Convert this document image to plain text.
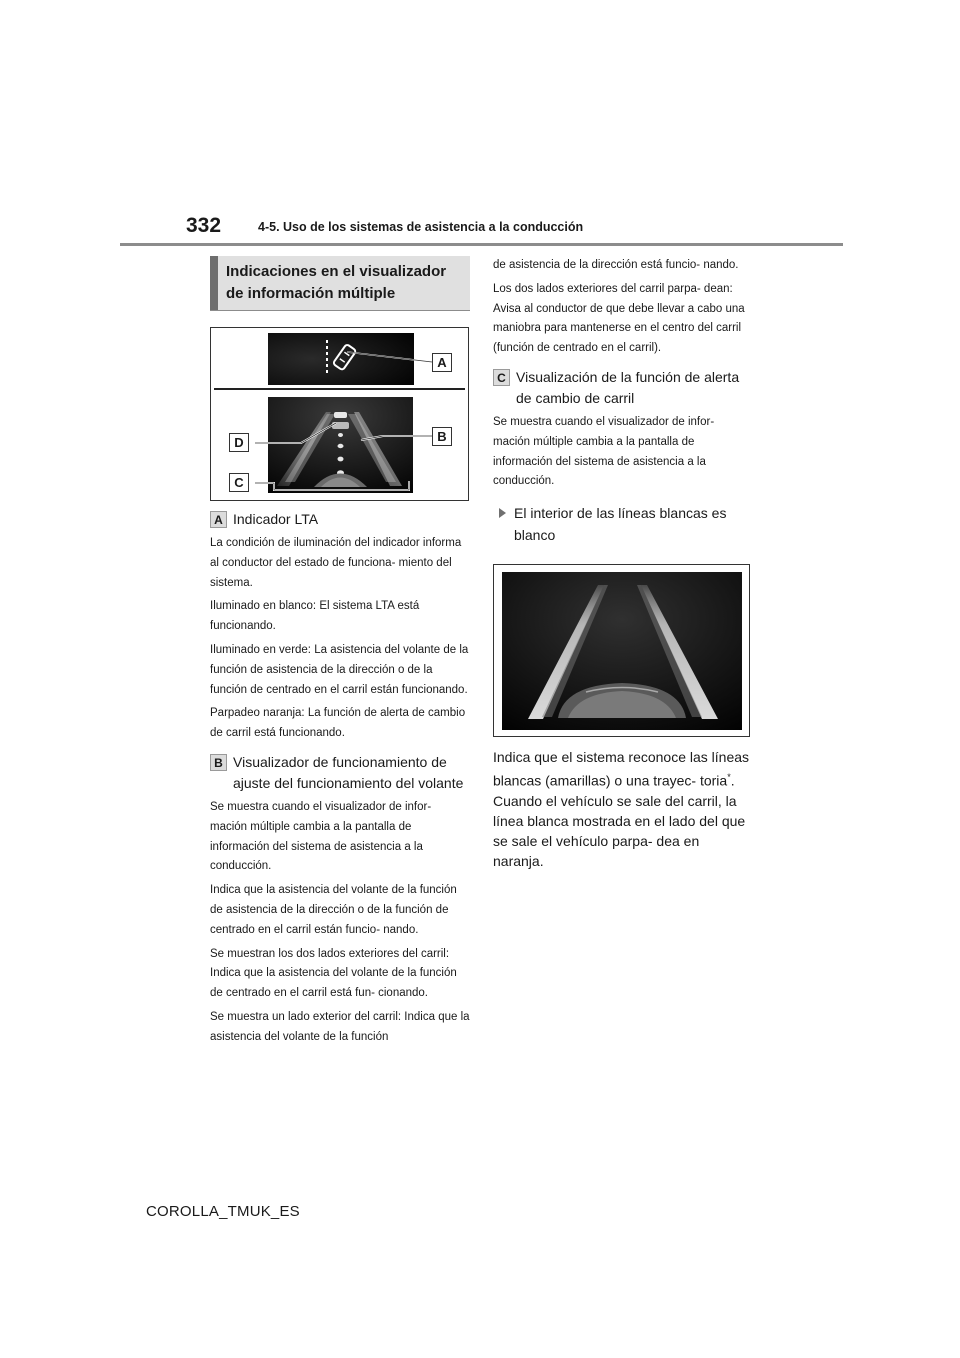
332	4-5. Uso de los sistemas de asistencia a la conducción
Indicaciones en el visualizador
de información múltiple
A
B
D
C
A Indicador LTA

La condición de iluminación del indicador informa al conductor del estado de funciona- miento del sistema.

Iluminado en blanco: El sistema LTA está funcionando.

Iluminado en verde: La asistencia del volante de la función de asistencia de la dirección o de la función de centrado en el carril están funcionando.

Parpadeo naranja: La función de alerta de cambio de carril está funcionando.

B Visualizador de funcionamiento de ajuste del funcionamiento del volante

Se muestra cuando el visualizador de infor- mación múltiple cambia a la pantalla de información del sistema de asistencia a la conducción.

Indica que la asistencia del volante de la función de asistencia de la dirección o de la función de centrado en el carril están funcio- nando.

Se muestran los dos lados exteriores del carril: Indica que la asistencia del volante de la función de centrado en el carril está fun- cionando.

Se muestra un lado exterior del carril: Indica que la asistencia del volante de la función

de asistencia de la dirección está funcio- nando.

Los dos lados exteriores del carril parpa- dean: Avisa al conductor de que debe llevar a cabo una maniobra para mantenerse en el centro del carril (función de centrado en el carril).

C Visualización de la función de alerta de cambio de carril

Se muestra cuando el visualizador de infor- mación múltiple cambia a la pantalla de información del sistema de asistencia a la conducción.

El interior de las líneas blancas es blanco

Indica que el sistema reconoce las líneas blancas (amarillas) o una trayec- toria*. Cuando el vehículo se sale del carril, la línea blanca mostrada en el lado del que se sale el vehículo parpa- dea en naranja.

COROLLA_TMUK_ES
